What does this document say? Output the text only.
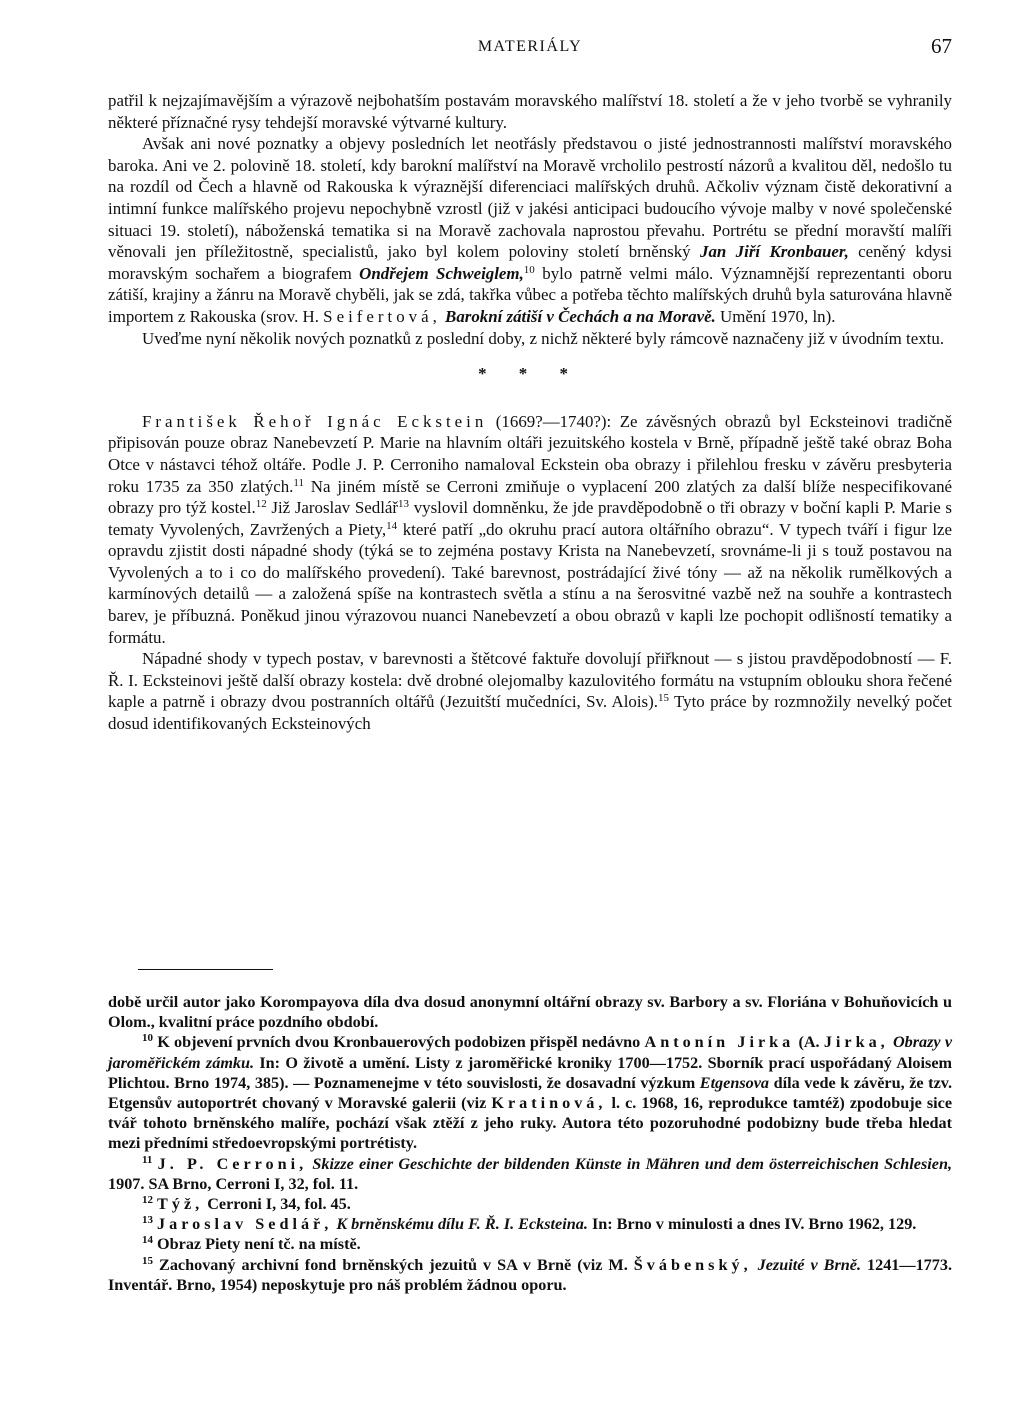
MATERIÁLY	67

patřil k nejzajímavějším a výrazově nejbohatším postavám moravského malířství 18. století a že v jeho tvorbě se vyhranily některé příznačné rysy tehdejší moravské výtvarné kultury.

Avšak ani nové poznatky a objevy posledních let neotřásly představou o jisté jednostrannosti malířství moravského baroka. Ani ve 2. polovině 18. století, kdy barokní malířství na Moravě vrcholilo pestrostí názorů a kvalitou děl, nedošlo tu na rozdíl od Čech a hlavně od Rakouska k výraznější diferenciaci malířských druhů. Ačkoliv význam čistě dekorativní a intimní funkce malířského projevu nepochybně vzrostl (již v jakési anticipaci budoucího vývoje malby v nové společenské situaci 19. století), náboženská tematika si na Moravě zachovala naprostou převahu. Portrétu se přední moravští malíři věnovali jen příležitostně, specialistů, jako byl kolem poloviny století brněnský Jan Jiří Kronbauer, ceněný kdysi moravským sochařem a biografem Ondřejem Schweiglem,$^{10}$ bylo patrně velmi málo. Významnější reprezentanti oboru zátiší, krajiny a žánru na Moravě chyběli, jak se zdá, takřka vůbec a potřeba těchto malířských druhů byla saturována hlavně importem z Rakouska (srov. H. Seifertová, Barokní zátiší v Čechách a na Moravě. Umění 1970, ln).

Uveďme nyní několik nových poznatků z poslední doby, z nichž některé byly rámcově naznačeny již v úvodním textu.

* * *

František Řehoř Ignác Eckstein (1669?—1740?): Ze závěsných obrazů byl Ecksteinovi tradičně připisován pouze obraz Nanebevzetí P. Marie na hlavním oltáři jezuitského kostela v Brně, případně ještě také obraz Boha Otce v nástavci téhož oltáře. Podle J. P. Cerroniho namaloval Eckstein oba obrazy i přilehlou fresku v závěru presbyteria roku 1735 za 350 zlatých.$^{11}$ Na jiném místě se Cerroni zmiňuje o vyplacení 200 zlatých za další blíže nespecifikované obrazy pro týž kostel.$^{12}$ Již Jaroslav Sedlář$^{13}$ vyslovil domněnku, že jde pravděpodobně o tři obrazy v boční kapli P. Marie s tematy Vyvolených, Zavržených a Piety,$^{14}$ které patří „do okruhu prací autora oltářního obrazu“. V typech tváří i figur lze opravdu zjistit dosti nápadné shody (týká se to zejména postavy Krista na Nanebevzetí, srovnáme-li ji s touž postavou na Vyvolených a to i co do malířského provedení). Také barevnost, postrádající živé tóny — až na několik rumělkových a karmínových detailů — a založená spíše na kontrastech světla a stínu a na šerosvitné vazbě než na souhře a kontrastech barev, je příbuzná. Poněkud jinou výrazovou nuanci Nanebevzetí a obou obrazů v kapli lze pochopit odlišností tematiky a formátu.

Nápadné shody v typech postav, v barevnosti a štětcové faktuře dovolují přiřknout — s jistou pravděpodobností — F. Ř. I. Ecksteinovi ještě další obrazy kostela: dvě drobné olejomalby kazulovitého formátu na vstupním oblouku shora řečené kaple a patrně i obrazy dvou postranních oltářů (Jezuitští mučedníci, Sv. Alois).$^{15}$ Tyto práce by rozmnožily nevelký počet dosud identifikovaných Ecksteinových

době určil autor jako Korompayova díla dva dosud anonymní oltářní obrazy sv. Barbory a sv. Floriána v Bohuňovicích u Olom., kvalitní práce pozdního období.

$^{10}$ K objevení prvních dvou Kronbauerových podobizen přispěl nedávno Antonín Jirka (A. Jirka, Obrazy v jaroměřickém zámku. In: O životě a umění. Listy z jaroměřické kroniky 1700—1752. Sborník prací uspořádaný Aloisem Plichtou. Brno 1974, 385). — Poznamenejme v této souvislosti, že dosavadní výzkum Etgensova díla vede k závěru, že tzv. Etgensův autoportrét chovaný v Moravské galerii (viz Kratinová, l. c. 1968, 16, reprodukce tamtéž) zpodobuje sice tvář tohoto brněnského malíře, pochází však ztěží z jeho ruky. Autora této pozoruhodné podobizny bude třeba hledat mezi předními středoevropskými portrétisty.

$^{11}$ J. P. Cerroni, Skizze einer Geschichte der bildenden Künste in Mähren und dem österreichischen Schlesien, 1907. SA Brno, Cerroni I, 32, fol. 11.

$^{12}$ Týž, Cerroni I, 34, fol. 45.

$^{13}$ Jaroslav Sedlář, K brněnskému dílu F. Ř. I. Ecksteina. In: Brno v minulosti a dnes IV. Brno 1962, 129.

$^{14}$ Obraz Piety není tč. na místě.

$^{15}$ Zachovaný archivní fond brněnských jezuitů v SA v Brně (viz M. Švábenský, Jezuité v Brně. 1241—1773. Inventář. Brno, 1954) neposkytuje pro náš problém žádnou oporu.
